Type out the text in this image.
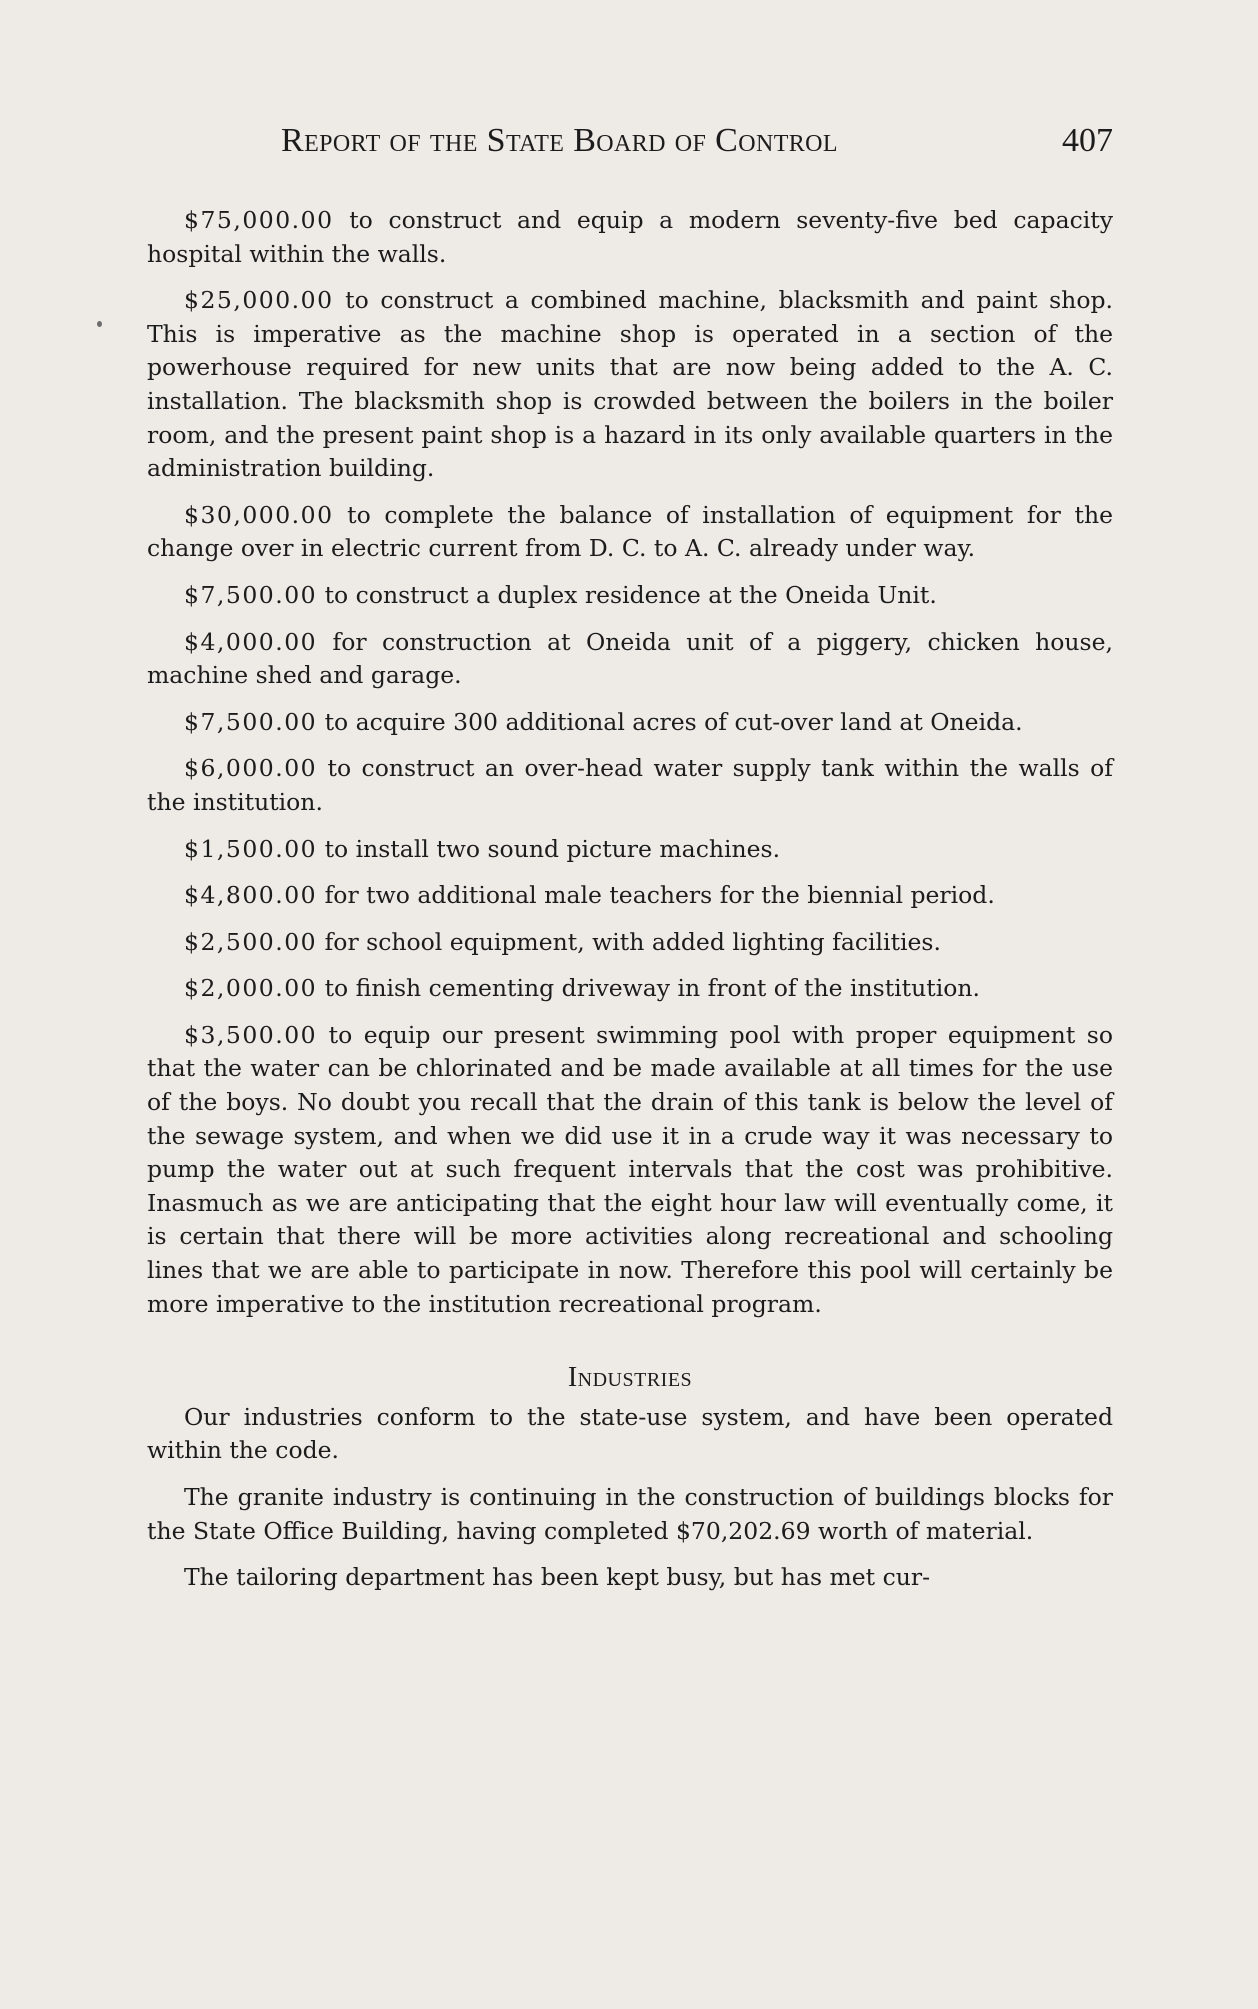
Report of the State Board of Control	407

$75,000.00 to construct and equip a modern seventy-five bed capacity hospital within the walls.

$25,000.00 to construct a combined machine, blacksmith and paint shop. This is imperative as the machine shop is operated in a section of the powerhouse required for new units that are now being added to the A. C. installation. The blacksmith shop is crowded between the boilers in the boiler room, and the present paint shop is a hazard in its only available quarters in the administration building.

$30,000.00 to complete the balance of installation of equipment for the change over in electric current from D. C. to A. C. already under way.

$7,500.00 to construct a duplex residence at the Oneida Unit.

$4,000.00 for construction at Oneida unit of a piggery, chicken house, machine shed and garage.

$7,500.00 to acquire 300 additional acres of cut-over land at Oneida.

$6,000.00 to construct an over-head water supply tank within the walls of the institution.

$1,500.00 to install two sound picture machines.

$4,800.00 for two additional male teachers for the biennial period.

$2,500.00 for school equipment, with added lighting facilities.

$2,000.00 to finish cementing driveway in front of the institution.

$3,500.00 to equip our present swimming pool with proper equipment so that the water can be chlorinated and be made available at all times for the use of the boys. No doubt you recall that the drain of this tank is below the level of the sewage system, and when we did use it in a crude way it was necessary to pump the water out at such frequent intervals that the cost was prohibitive. Inasmuch as we are anticipating that the eight hour law will eventually come, it is certain that there will be more activities along recreational and schooling lines that we are able to participate in now. Therefore this pool will certainly be more imperative to the institution recreational program.

Industries

Our industries conform to the state-use system, and have been operated within the code.

The granite industry is continuing in the construction of buildings blocks for the State Office Building, having completed $70,202.69 worth of material.

The tailoring department has been kept busy, but has met cur-
